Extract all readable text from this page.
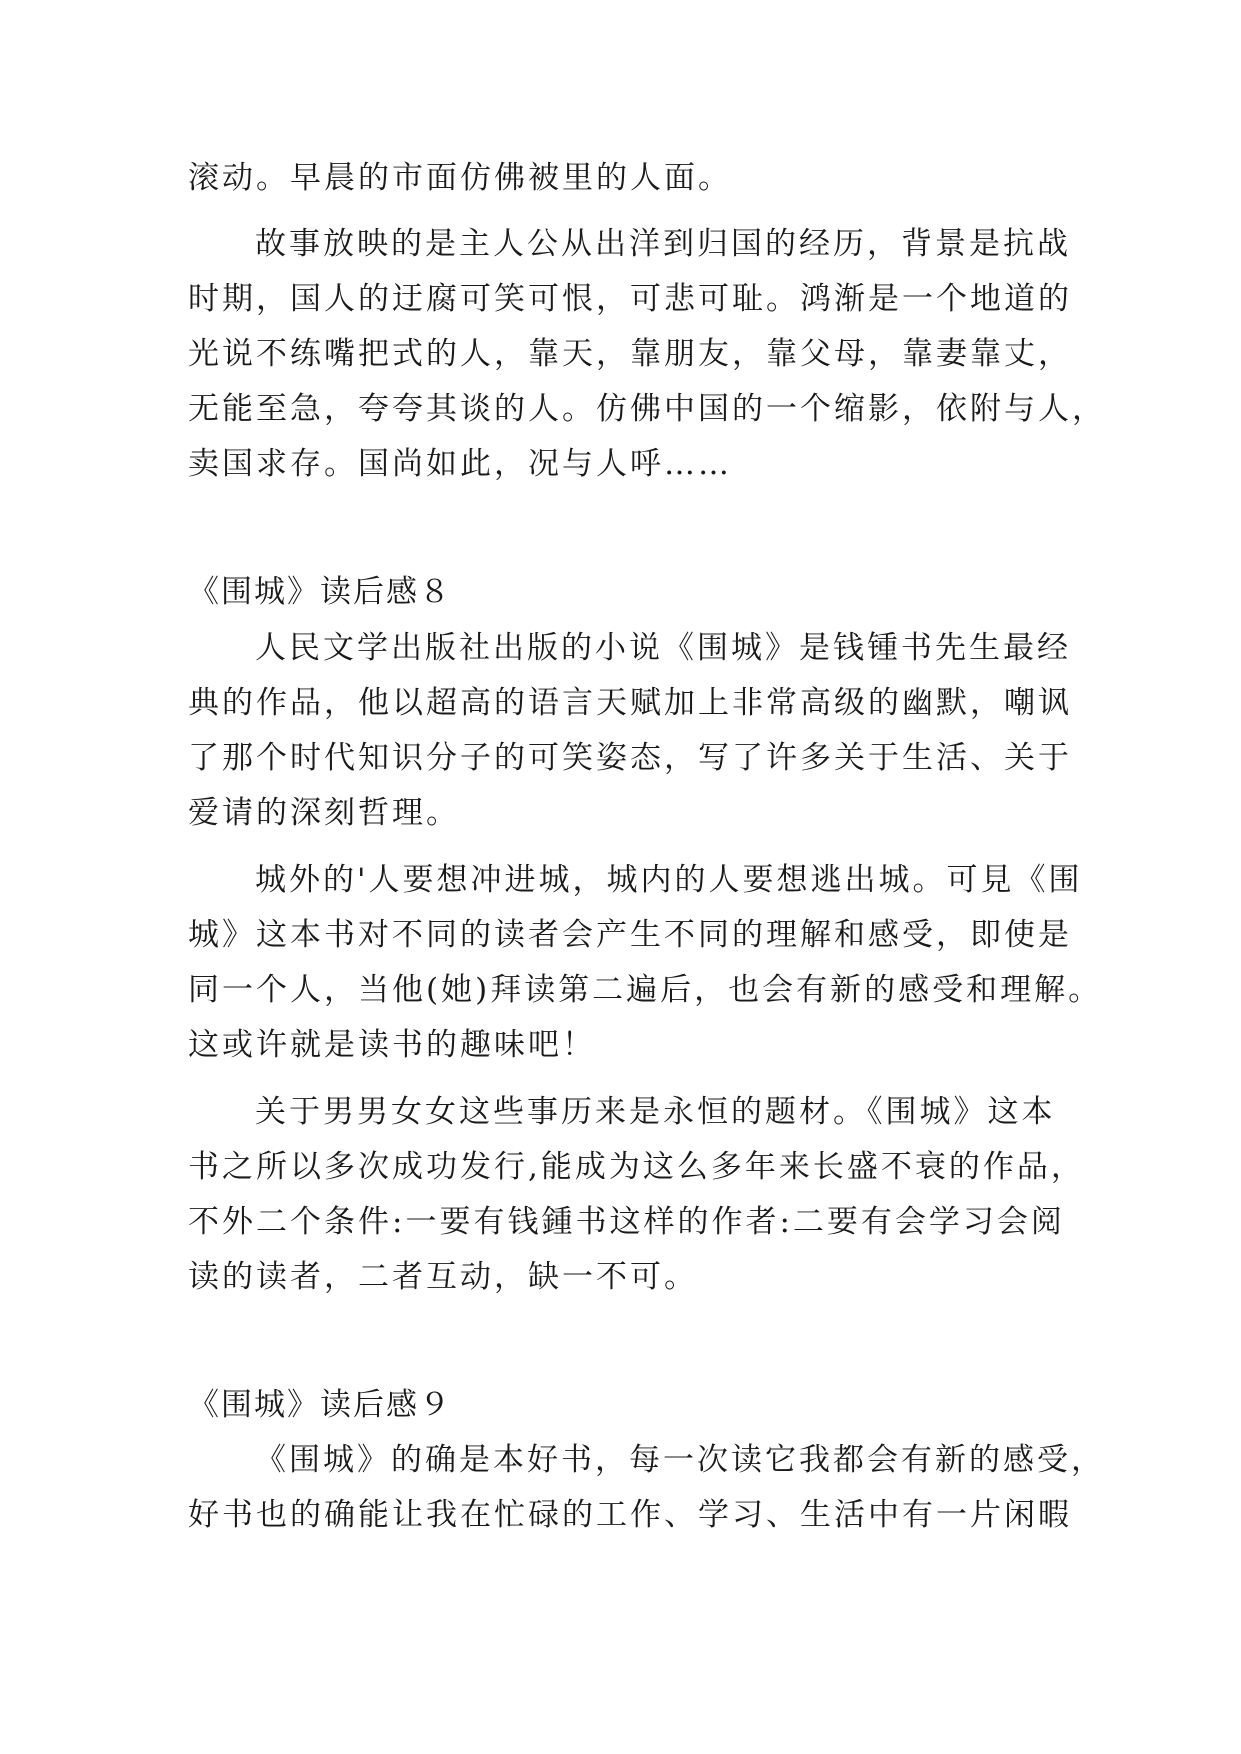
滚动。早晨的市面仿佛被里的人面。
故事放映的是主人公从出洋到归国的经历，背景是抗战
时期，国人的迂腐可笑可恨，可悲可耻。鸿渐是一个地道的
光说不练嘴把式的人，靠天，靠朋友，靠父母，靠妻靠丈，
无能至急，夸夸其谈的人。仿佛中国的一个缩影，依附与人，
卖国求存。国尚如此，况与人呼……
《围城》读后感８
人民文学出版社出版的小说《围城》是钱锺书先生最经
典的作品，他以超高的语言天赋加上非常高级的幽默，嘲讽
了那个时代知识分子的可笑姿态，写了许多关于生活、关于
爱请的深刻哲理。
城外的'人要想冲进城，城内的人要想逃出城。可見《围
城》这本书对不同的读者会产生不同的理解和感受，即使是
同一个人，当他(她)拜读第二遍后，也会有新的感受和理解。
这或许就是读书的趣味吧！
关于男男女女这些事历来是永恒的题材。《围城》这本
书之所以多次成功发行,能成为这么多年来长盛不衰的作品，
不外二个条件:一要有钱鍾书这样的作者:二要有会学习会阅
读的读者，二者互动，缺一不可。
《围城》读后感９
《围城》的确是本好书，每一次读它我都会有新的感受，
好书也的确能让我在忙碌的工作、学习、生活中有一片闲暇
